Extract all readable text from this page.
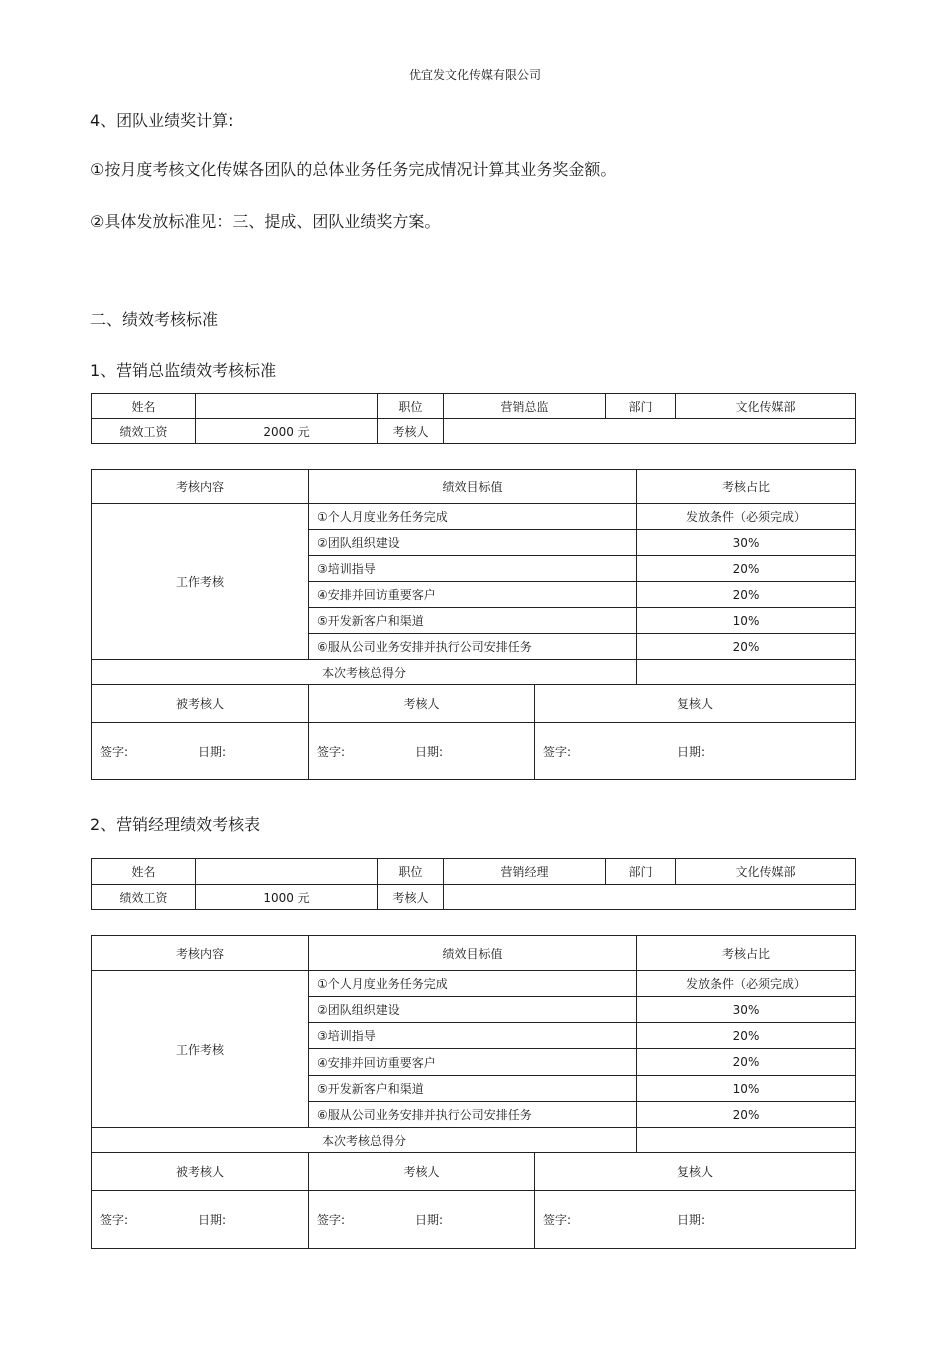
优宜发文化传媒有限公司
4、团队业绩奖计算:
①按月度考核文化传媒各团队的总体业务任务完成情况计算其业务奖金额。
②具体发放标准见：三、提成、团队业绩奖方案。
二、绩效考核标准
1、营销总监绩效考核标准
姓名		职位	营销总监	部门	文化传媒部
绩效工资	2000 元	考核人			
考核内容	绩效目标值		考核占比
工作考核	①个人月度业务任务完成		发放条件（必须完成）
	②团队组织建设		30%
	③培训指导		20%
	④安排并回访重要客户		20%
	⑤开发新客户和渠道		10%
	⑥服从公司业务安排并执行公司安排任务		20%
本次考核总得分			
被考核人	考核人	复核人	
签字: 日期:	签字: 日期:	签字: 日期:	
2、营销经理绩效考核表
姓名		职位	营销经理	部门	文化传媒部
绩效工资	1000 元	考核人			
考核内容	绩效目标值		考核占比
工作考核	①个人月度业务任务完成		发放条件（必须完成）
	②团队组织建设		30%
	③培训指导		20%
	④安排并回访重要客户		20%
	⑤开发新客户和渠道		10%
	⑥服从公司业务安排并执行公司安排任务		20%
本次考核总得分			
被考核人	考核人	复核人	
签字: 日期:	签字: 日期:	签字: 日期:	
